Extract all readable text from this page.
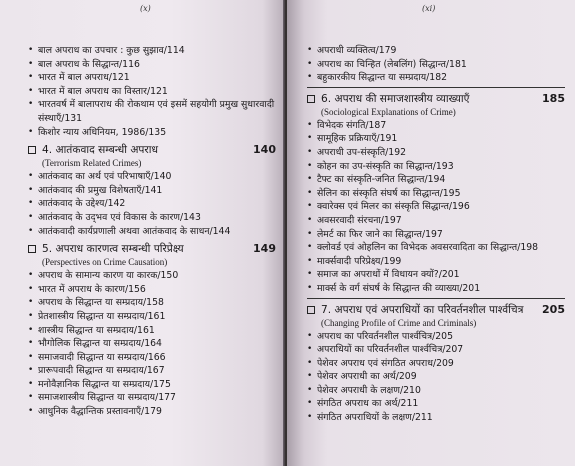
(x)
• बाल अपराध का उपचार : कुछ सुझाव/114
• बाल अपराध के सिद्धान्त/116
• भारत में बाल अपराध/121
• भारत में बाल अपराध का विस्तार/121
• भारतवर्ष में बालापराध की रोकथाम एवं इसमें सहयोगी प्रमुख सुधारवादी संस्थाएँ/131
• किशोर न्याय अधिनियम, 1986/135
4. आतंकवाद सम्बन्धी अपराध	140
(Terrorism Related Crimes)
• आतंकवाद का अर्थ एवं परिभाषाएँ/140
• आतंकवाद की प्रमुख विशेषताएँ/141
• आतंकवाद के उद्देश्य/142
• आतंकवाद के उद्‌भव एवं विकास के कारण/143
• आतंकवादी कार्यप्रणाली अथवा आतंकवाद के साधन/144
5. अपराध कारणत्व सम्बन्धी परिप्रेक्ष्य	149
(Perspectives on Crime Causation)
• अपराध के सामान्य कारण या कारक/150
• भारत में अपराध के कारण/156
• अपराध के सिद्धान्त या सम्प्रदाय/158
• प्रेतशास्त्रीय सिद्धान्त या सम्प्रदाय/161
• शास्त्रीय सिद्धान्त या सम्प्रदाय/161
• भौगोलिक सिद्धान्त या सम्प्रदाय/164
• समाजवादी सिद्धान्त या सम्प्रदाय/166
• प्रारूपवादी सिद्धान्त या सम्प्रदाय/167
• मनोवैज्ञानिक सिद्धान्त या सम्प्रदाय/175
• समाजशास्त्रीय सिद्धान्त या सम्प्रदाय/177
• आधुनिक वैद्धान्तिक प्रस्तावनाएँ/179
(xi)
• अपराधी व्यक्तित्व/179
• अपराध का चिन्हित (लेबलिंग) सिद्धान्त/181
• बहुकारकीय सिद्धान्त या सम्प्रदाय/182
6. अपराध की समाजशास्त्रीय व्याख्याएँ	185
(Sociological Explanations of Crime)
• विभेदक संगति/187
• सामूहिक प्रक्रियाएँ/191
• अपराधी उप-संस्कृति/192
• कोहन का उप-संस्कृति का सिद्धान्त/193
• टैफ्ट का संस्कृति-जनित सिद्धान्त/194
• सेलिन का संस्कृति संघर्ष का सिद्धान्त/195
• क्वारेक्स एवं मिलर का संस्कृति सिद्धान्त/196
• अवसरवादी संरचना/197
• लेमर्ट का फिर जाने का सिद्धान्त/197
• क्लोवर्ड एवं ओहलिन का विभेदक अवसरवादिता का सिद्धान्त/198
• मार्क्सवादी परिप्रेक्ष्य/199
• समाज का अपराधों में विधायन क्यों?/201
• मार्क्स के वर्ग संघर्ष के सिद्धान्त की व्याख्या/201
7. अपराध एवं अपराधियों का परिवर्तनशील पार्श्वचित्र 205
(Changing Profile of Crime and Criminals)
• अपराध का परिवर्तनशील पार्श्वचित्र/205
• अपराधियों का परिवर्तनशील पार्श्वचित्र/207
• पेशेवर अपराध एवं संगठित अपराध/209
• पेशेवर अपराधी का अर्थ/209
• पेशेवर अपराधी के लक्षण/210
• संगठित अपराध का अर्थ/211
• संगठित अपराधियों के लक्षण/211
